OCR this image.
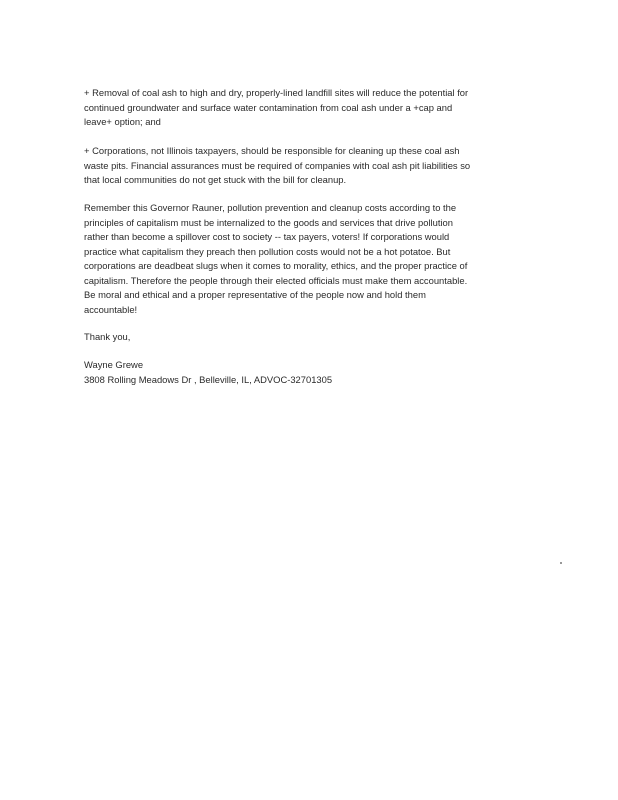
+ Removal of coal ash to high and dry, properly-lined landfill sites will reduce the potential for
continued groundwater and surface water contamination from coal ash under a +cap and
leave+ option; and

+ Corporations, not Illinois taxpayers, should be responsible for cleaning up these coal ash
waste pits. Financial assurances must be required of companies with coal ash pit liabilities so
that local communities do not get stuck with the bill for cleanup.

Remember this Governor Rauner, pollution prevention and cleanup costs according to the
principles of capitalism must be internalized to the goods and services that drive pollution
rather than become a spillover cost to society -- tax payers, voters! If corporations would
practice what capitalism they preach then pollution costs would not be a hot potatoe. But
corporations are deadbeat slugs when it comes to morality, ethics, and the proper practice of
capitalism. Therefore the people through their elected officials must make them accountable.
Be moral and ethical and a proper representative of the people now and hold them
accountable!

Thank you,

Wayne Grewe
3808 Rolling Meadows Dr , Belleville, IL, ADVOC-32701305
